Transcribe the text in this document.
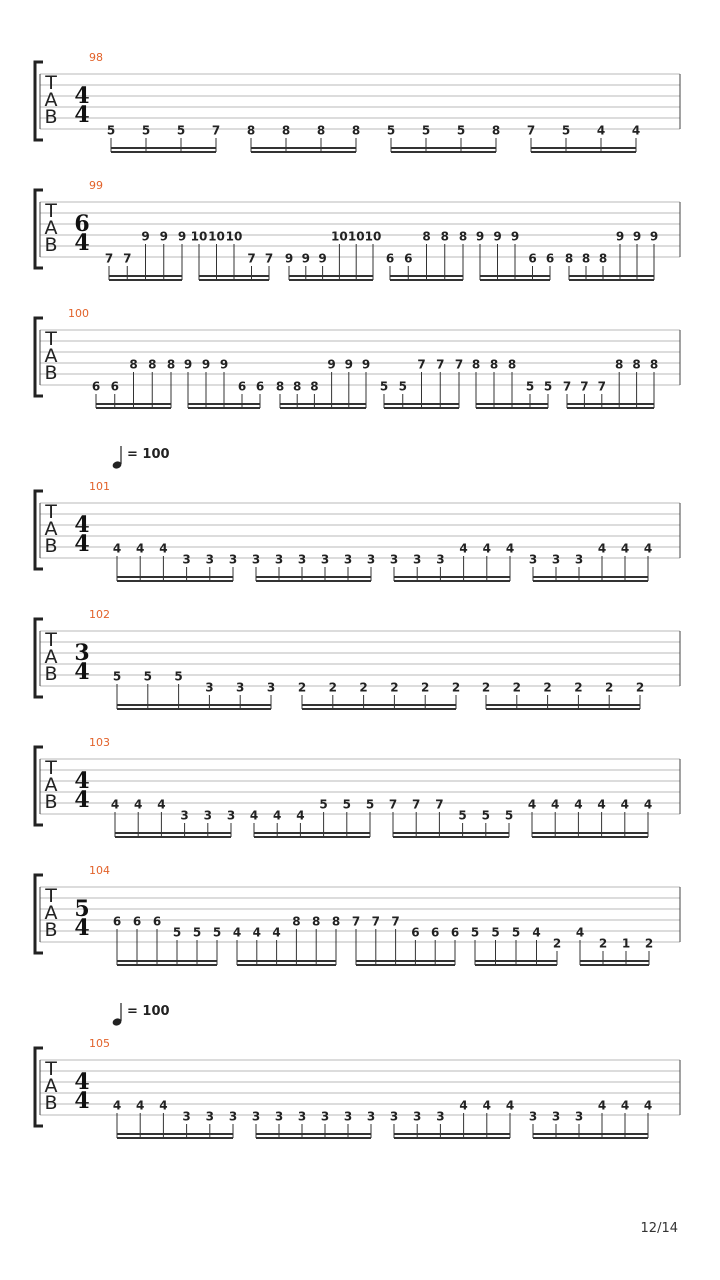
98
T
A
B
4
4
5 5 5 7 8 8 8 8 5 5 5 8 7 5 4 4
99
T
A
B
6
4
7 7
9 9 9 10 10 10
7 7 9 9 9
10 10 10
6 6
8 8 8 9 9 9
6 6 8 8 8
9 9 9
100
T
A
B
6 6
8 8 8 9 9 9
6 6 8 8 8
9 9 9
5 5
7 7 7 8 8 8
5 5 7 7 7
8 8 8
= 100
101
T
A
B
4
4 4 4 4
3 3 3 3 3 3 3 3 3 3 3 3
4 4 4
3 3 3
4 4 4
102
T
A
B
3
4 5 5 5
3 3 3 2 2 2 2 2 2 2 2 2 2 2 2
103
T
A
B
4
4 4 4 4
3 3 3 4 4 4
5 5 5 7 7 7
5 5 5
4 4 4 4 4 4
104
T
A
B
5
4 6 6 6
5 5 5 4 4 4
8 8 8 7 7 7
6 6 6 5 5 5 4
2
4
2 1 2
= 100
105
T
A
B
4
4 4 4 4
3 3 3 3 3 3 3 3 3 3 3 3
4 4 4
3 3 3
4 4 4
12/14
